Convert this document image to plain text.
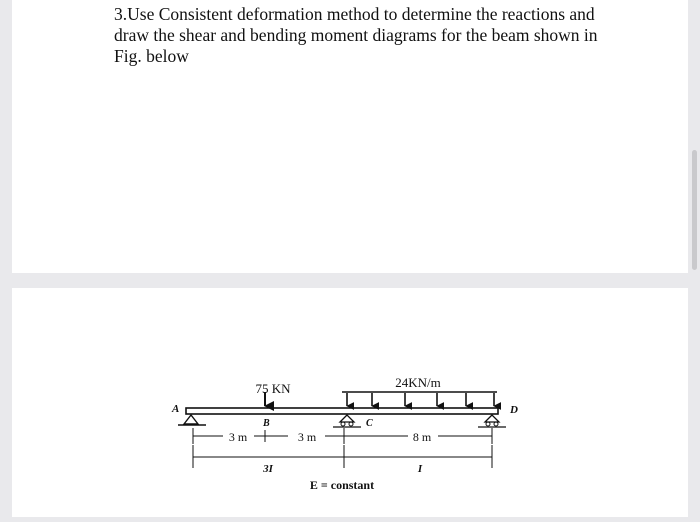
3.Use Consistent deformation method to determine the reactions and draw the shear and bending moment diagrams for the beam shown in Fig. below

75 KN	24KN/m
A
B	C
D
3 m	3 m	8 m
3I	I
E = constant
